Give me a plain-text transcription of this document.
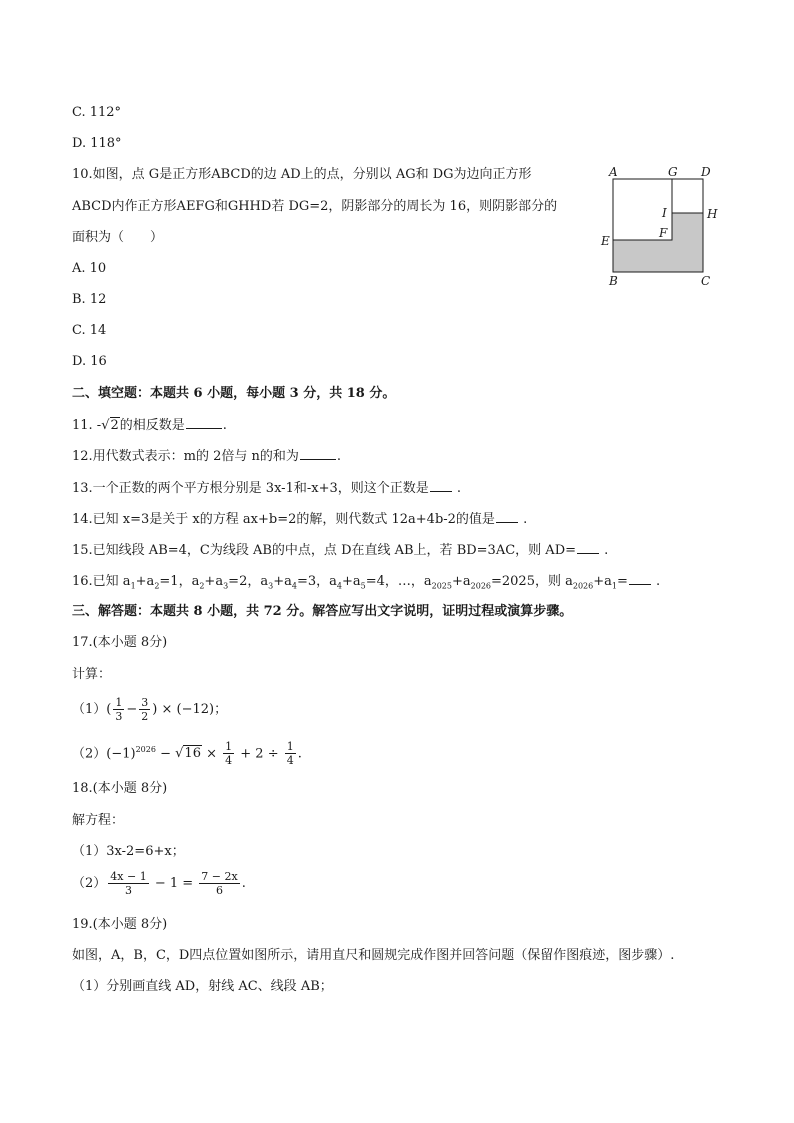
C. 112°
D. 118°
10.如图，点 G是正方形ABCD的边 AD上的点，分别以 AG和 DG为边向正方形
ABCD内作正方形AEFG和GHHD若 DG=2，阴影部分的周长为 16，则阴影部分的
面积为（　　）
A. 10
B. 12
C. 14
D. 16
A	G D
I	H
E
F
B	C
二、填空题：本题共 6 小题，每小题 3 分，共 18 分。
11. -√2的相反数是	.
12.用代数式表示：m的 2倍与 n的和为	.
13.一个正数的两个平方根分别是 3x-1和-x+3，则这个正数是 .
14.已知 x=3是关于 x的方程 ax+b=2的解，则代数式 12a+4b-2的值是 .
15.已知线段 AB=4，C为线段 AB的中点，点 D在直线 AB上，若 BD=3AC，则 AD= .
16.已知 $a_1+a_2=1$，$a_2+a_3=2$，$a_3+a_4=3$，$a_4+a_5=4$，…，$a_{2025}+a_{2026}=2025$，则 $a_{2026}+a_1=$ .
三、解答题：本题共 8 小题，共 72 分。解答应写出文字说明，证明过程或演算步骤。
17.(本小题 8分)
计算：
$(1)( \frac{1}{3} - \frac{3}{2}$ ) × (−12)；
$(2)(-1)^{2026} - √16 \times \frac{1}{4} + 2 \div \frac{1}{4}$ .
18.(本小题 8分)
解方程：
（1）3x-2=6+x；
$(2) \frac{4x - 1}{3} - 1 = \frac{7 - 2x}{6}$ .
19.(本小题 8分)
如图，A，B，C，D四点位置如图所示，请用直尺和圆规完成作图并回答问题（保留作图痕迹，图步骤）.
（1）分别画直线 AD，射线 AC、线段 AB；
